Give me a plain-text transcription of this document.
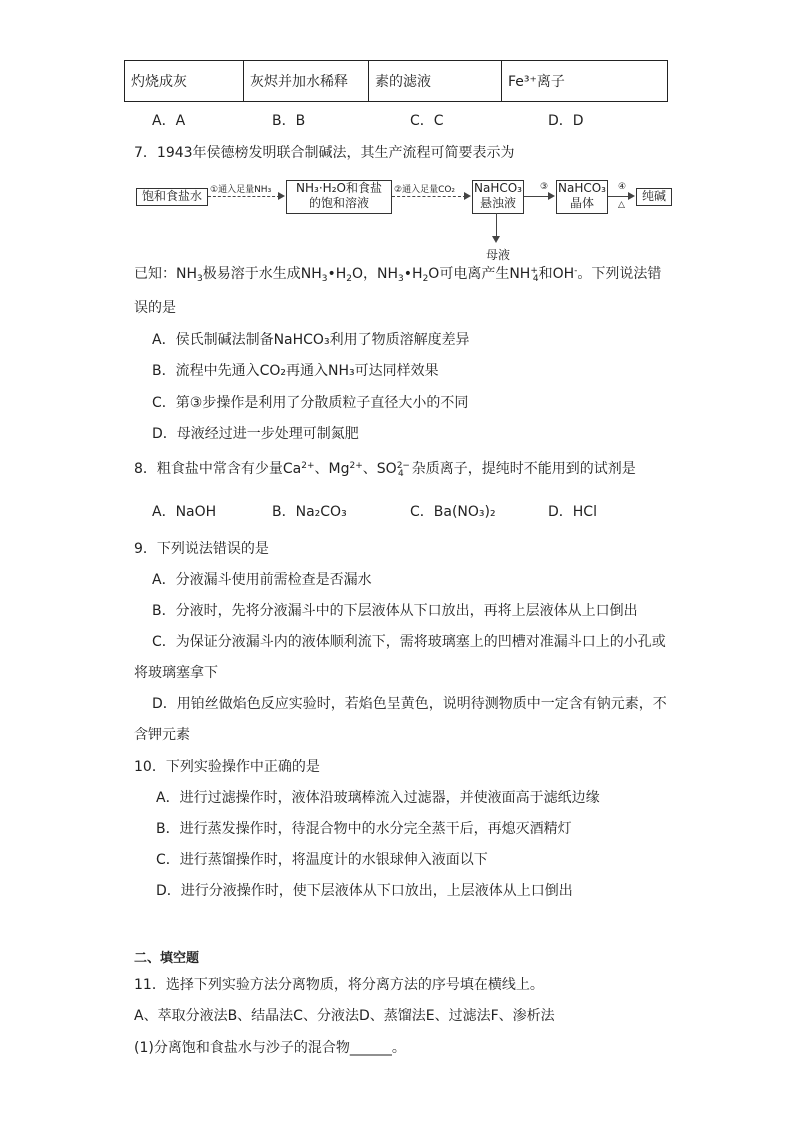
灼烧成灰	灰烬并加水稀释	素的滤液	Fe³⁺离子
A．A	B．B	C．C	D．D
7．1943年侯德榜发明联合制碱法，其生产流程可简要表示为
饱和食盐水 ①通入足量NH₃	NH₃·H₂O和食盐
的饱和溶液
②通入足量CO₂ NaHCO₃
悬浊液
③ NaHCO₃
晶体
④
△
纯碱
母液
已知：$NH_3$极易溶于水生成$NH_3•H_2O$，$NH_3•H_2O$可电离产生$NH^+_4$和OH-。下列说法错
误的是
A．侯氏制碱法制备NaHCO₃利用了物质溶解度差异
B．流程中先通入CO₂再通入NH₃可达同样效果
C．第③步操作是利用了分散质粒子直径大小的不同
D．母液经过进一步处理可制氮肥
8．粗食盐中常含有少量$Ca^{2+}$、$Mg^{2+}$、$SO^{2-}_4$ 杂质离子，提纯时不能用到的试剂是
A．NaOH	B．Na₂CO₃	C．Ba(NO₃)₂	D．HCl
9．下列说法错误的是
A．分液漏斗使用前需检查是否漏水
B．分液时，先将分液漏斗中的下层液体从下口放出，再将上层液体从上口倒出
C．为保证分液漏斗内的液体顺利流下，需将玻璃塞上的凹槽对准漏斗口上的小孔或
将玻璃塞拿下
D．用铂丝做焰色反应实验时，若焰色呈黄色，说明待测物质中一定含有钠元素，不
含钾元素
10．下列实验操作中正确的是
A．进行过滤操作时，液体沿玻璃棒流入过滤器，并使液面高于滤纸边缘
B．进行蒸发操作时，待混合物中的水分完全蒸干后，再熄灭酒精灯
C．进行蒸馏操作时，将温度计的水银球伸入液面以下
D．进行分液操作时，使下层液体从下口放出，上层液体从上口倒出
二、填空题
11．选择下列实验方法分离物质，将分离方法的序号填在横线上。
A、萃取分液法B、结晶法C、分液法D、蒸馏法E、过滤法F、渗析法
(1)分离饱和食盐水与沙子的混合物______。
